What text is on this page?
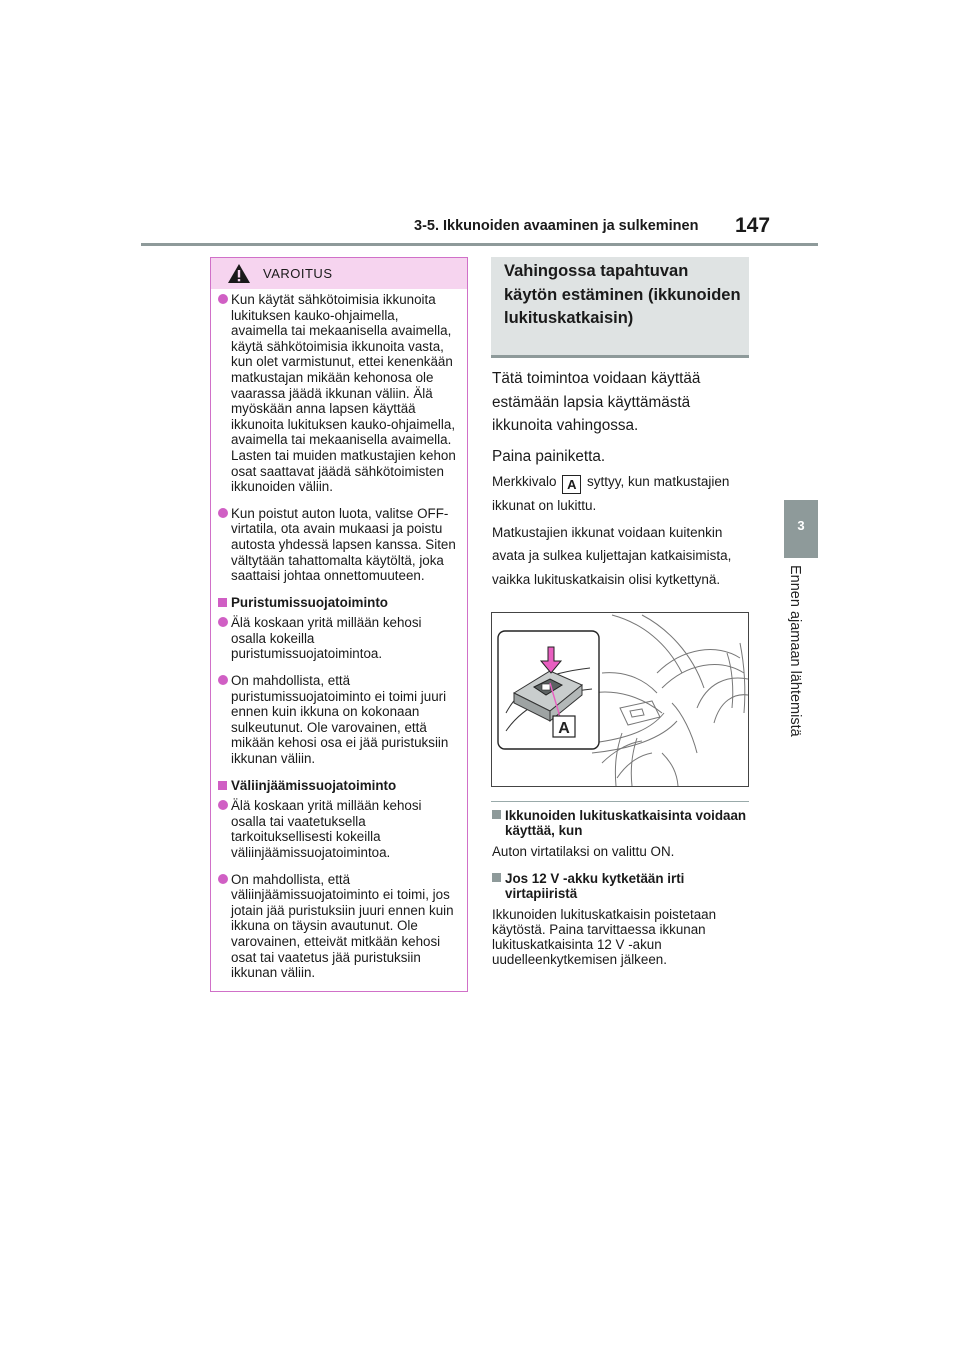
3-5. Ikkunoiden avaaminen ja sulkeminen 147
3
Ennen ajamaan lähtemistä
VAROITUS
Kun käytät sähkötoimisia ikkunoita lukituksen kauko-ohjaimella, avaimella tai mekaanisella avaimella, käytä sähkötoimisia ikkunoita vasta, kun olet varmistunut, ettei kenenkään matkustajan mikään kehonosa ole vaarassa jäädä ikkunan väliin. Älä myöskään anna lapsen käyttää ikkunoita lukituksen kauko-ohjaimella, avaimella tai mekaanisella avaimella. Lasten tai muiden matkustajien kehon osat saattavat jäädä sähkötoimisten ikkunoiden väliin.
Kun poistut auton luota, valitse OFF-virtatila, ota avain mukaasi ja poistu autosta yhdessä lapsen kanssa. Siten vältytään tahattomalta käytöltä, joka saattaisi johtaa onnettomuuteen.
Puristumissuojatoiminto
Älä koskaan yritä millään kehosi osalla kokeilla puristumissuojatoimintoa.
On mahdollista, että puristumissuojatoiminto ei toimi juuri ennen kuin ikkuna on kokonaan sulkeutunut. Ole varovainen, että mikään kehosi osa ei jää puristuksiin ikkunan väliin.
Väliinjäämissuojatoiminto
Älä koskaan yritä millään kehosi osalla tai vaatetuksella tarkoituksellisesti kokeilla väliinjäämissuojatoimintoa.
On mahdollista, että väliinjäämissuojatoiminto ei toimi, jos jotain jää puristuksiin juuri ennen kuin ikkuna on täysin avautunut. Ole varovainen, etteivät mitkään kehosi osat tai vaatetus jää puristuksiin ikkunan väliin.
Vahingossa tapahtuvan käytön estäminen (ikkunoiden lukituskatkaisin)

Tätä toimintoa voidaan käyttää estämään lapsia käyttämästä ikkunoita vahingossa.

Paina painiketta.

Merkkivalo A syttyy, kun matkustajien ikkunat on lukittu.

Matkustajien ikkunat voidaan kuitenkin avata ja sulkea kuljettajan katkaisimista, vaikka lukituskatkaisin olisi kytkettynä.

A
Ikkunoiden lukituskatkaisinta voidaan käyttää, kun
Auton virtatilaksi on valittu ON.
Jos 12 V -akku kytketään irti virtapiiristä
Ikkunoiden lukituskatkaisin poistetaan käytöstä. Paina tarvittaessa ikkunan lukituskatkaisinta 12 V -akun uudelleenkytkemisen jälkeen.
